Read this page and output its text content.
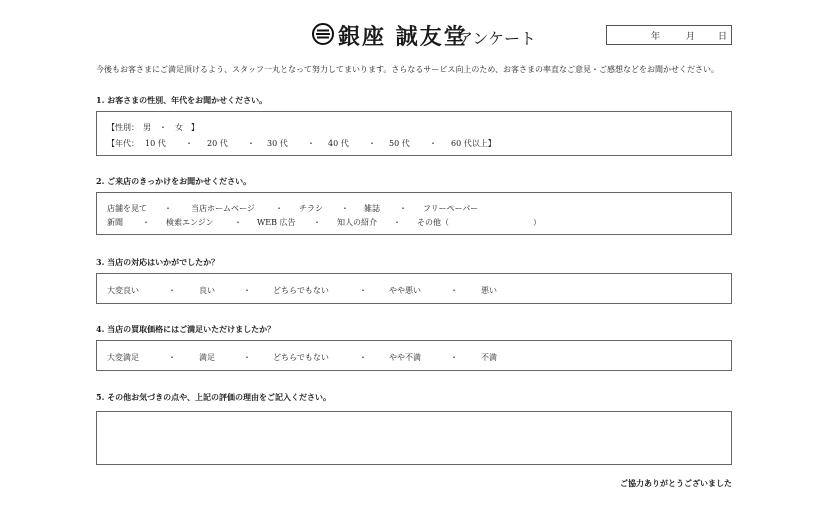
銀座 誠友堂
アンケート	年	月	日
今後もお客さまにご満足頂けるよう、スタッフ一丸となって努力してまいります。さらなるサービス向上のため、お客さまの率直なご意見・ご感想などをお聞かせください。
1. お客さまの性別、年代をお聞かせください。
【性別：　男　・　女　】
【年代： 10 代	20 代	30 代	40 代	50 代	60 代以上】
・	・	・	・	・
2. ご来店のきっかけをお聞かせください。
店舗を見て	当店ホームページ	チラシ	雑誌	フリーペーパー
・	・	・	・
新聞	検索エンジン	WEB 広告	知人の紹介	その他（
・	・	・	・	）
3. 当店の対応はいかがでしたか？
大変良い	良い	どちらでもない	やや悪い	悪い
・	・	・	・
4. 当店の買取価格にはご満足いただけましたか？
大変満足	満足	どちらでもない	やや不満	不満
・	・	・	・
5. その他お気づきの点や、上記の評価の理由をご記入ください。
ご協力ありがとうございました
